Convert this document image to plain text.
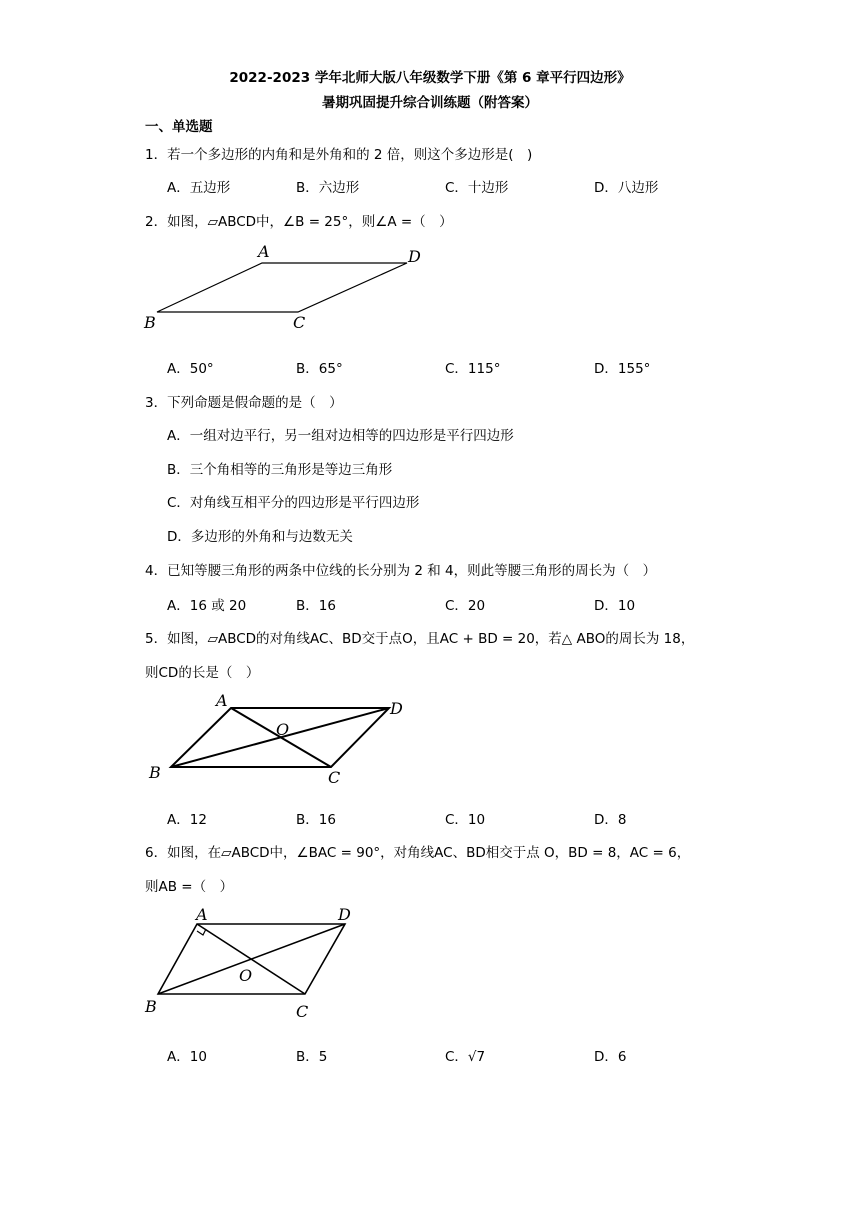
2022-2023 学年北师大版八年级数学下册《第 6 章平行四边形》
暑期巩固提升综合训练题（附答案）
一、单选题
1．若一个多边形的内角和是外角和的 2 倍，则这个多边形是(　)
A．五边形	B．六边形	C．十边形	D．八边形
2．如图，▱ABCD中，∠B = 25°，则∠A =（　）
A	D
B	C
A．50°	B．65°	C．115°	D．155°
3．下列命题是假命题的是（　）
A．一组对边平行，另一组对边相等的四边形是平行四边形
B．三个角相等的三角形是等边三角形
C．对角线互相平分的四边形是平行四边形
D．多边形的外角和与边数无关
4．已知等腰三角形的两条中位线的长分别为 2 和 4，则此等腰三角形的周长为（　）
A．16 或 20	B．16	C．20	D．10
5．如图，▱ABCD的对角线AC、BD交于点O，且AC + BD = 20，若△ ABO的周长为 18，
则CD的长是（　）
A	D
O
B	C
A．12	B．16	C．10	D．8
6．如图，在▱ABCD中，∠BAC = 90°，对角线AC、BD相交于点 O，BD = 8，AC = 6，
则AB =（　）
A	D
O
B	C
A．10	B．5	C．√7	D．6
